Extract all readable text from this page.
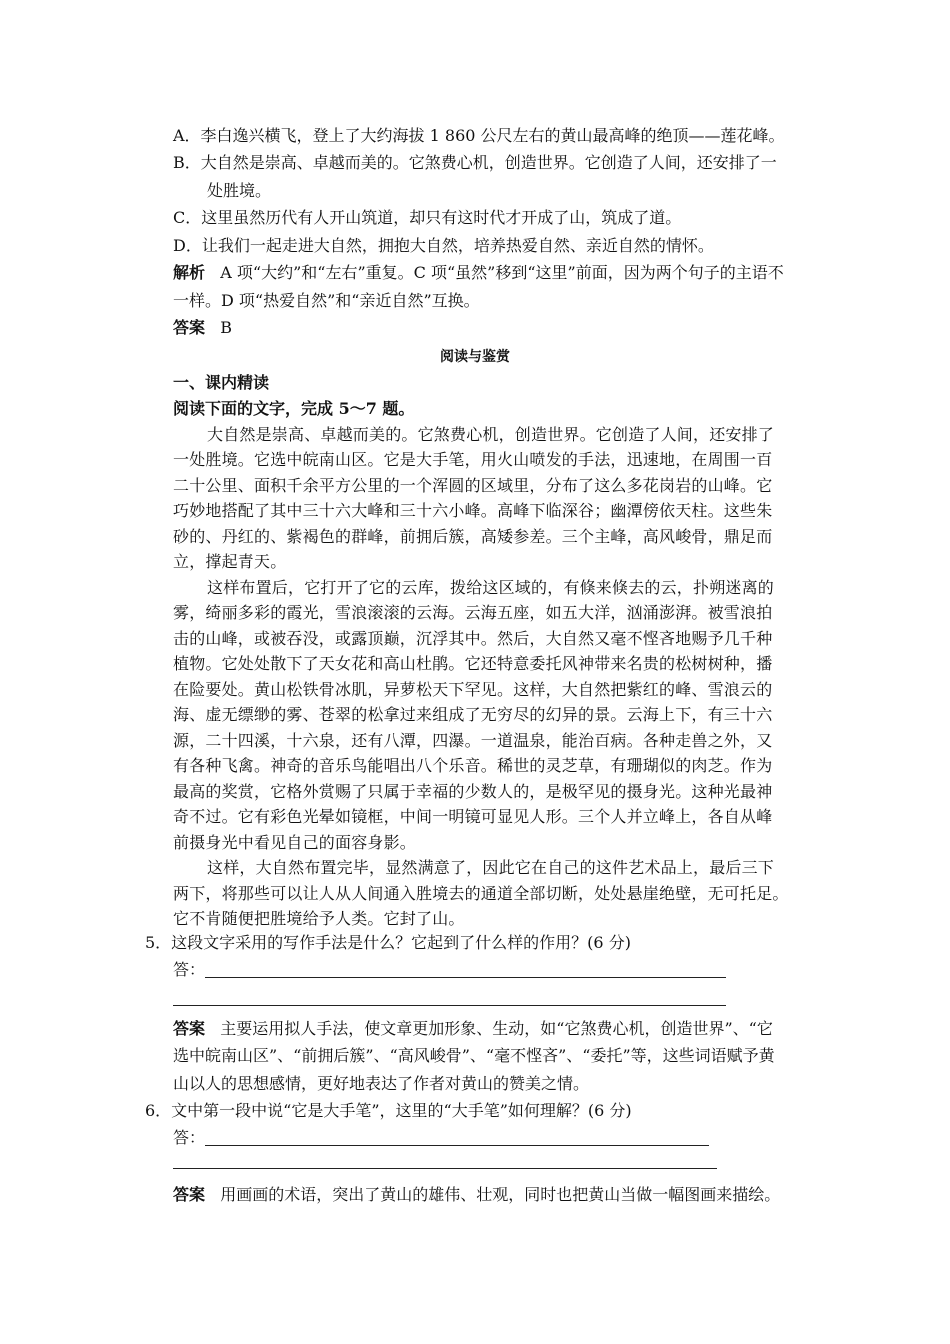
A．李白逸兴横飞，登上了大约海拔 1 860 公尺左右的黄山最高峰的绝顶——莲花峰。
B．大自然是崇高、卓越而美的。它煞费心机，创造世界。它创造了人间，还安排了一
处胜境。
C．这里虽然历代有人开山筑道，却只有这时代才开成了山，筑成了道。
D．让我们一起走进大自然，拥抱大自然，培养热爱自然、亲近自然的情怀。
解析 A 项“大约”和“左右”重复。C 项“虽然”移到“这里”前面，因为两个句子的主语不
一样。D 项“热爱自然”和“亲近自然”互换。
答案 B
阅读与鉴赏
一、课内精读
阅读下面的文字，完成 5～7 题。
大自然是崇高、卓越而美的。它煞费心机，创造世界。它创造了人间，还安排了
一处胜境。它选中皖南山区。它是大手笔，用火山喷发的手法，迅速地，在周围一百
二十公里、面积千余平方公里的一个浑圆的区域里，分布了这么多花岗岩的山峰。它
巧妙地搭配了其中三十六大峰和三十六小峰。高峰下临深谷；幽潭傍依天柱。这些朱
砂的、丹红的、紫褐色的群峰，前拥后簇，高矮参差。三个主峰，高风峻骨，鼎足而
立，撑起青天。
这样布置后，它打开了它的云库，拨给这区域的，有倏来倏去的云，扑朔迷离的
雾，绮丽多彩的霞光，雪浪滚滚的云海。云海五座，如五大洋，汹涌澎湃。被雪浪拍
击的山峰，或被吞没，或露顶巅，沉浮其中。然后，大自然又毫不悭吝地赐予几千种
植物。它处处散下了天女花和高山杜鹃。它还特意委托风神带来名贵的松树树种，播
在险要处。黄山松铁骨冰肌，异萝松天下罕见。这样，大自然把紫红的峰、雪浪云的
海、虚无缥缈的雾、苍翠的松拿过来组成了无穷尽的幻异的景。云海上下，有三十六
源，二十四溪，十六泉，还有八潭，四瀑。一道温泉，能治百病。各种走兽之外，又
有各种飞禽。神奇的音乐鸟能唱出八个乐音。稀世的灵芝草，有珊瑚似的肉芝。作为
最高的奖赏，它格外赏赐了只属于幸福的少数人的，是极罕见的摄身光。这种光最神
奇不过。它有彩色光晕如镜框，中间一明镜可显见人形。三个人并立峰上，各自从峰
前摄身光中看见自己的面容身影。
这样，大自然布置完毕，显然满意了，因此它在自己的这件艺术品上，最后三下
两下，将那些可以让人从人间通入胜境去的通道全部切断，处处悬崖绝壁，无可托足。
它不肯随便把胜境给予人类。它封了山。
5．这段文字采用的写作手法是什么？它起到了什么样的作用？(6 分)
答：
答案 主要运用拟人手法，使文章更加形象、生动，如“它煞费心机，创造世界”、“它
选中皖南山区”、“前拥后簇”、“高风峻骨”、“毫不悭吝”、“委托”等，这些词语赋予黄
山以人的思想感情，更好地表达了作者对黄山的赞美之情。
6．文中第一段中说“它是大手笔”，这里的“大手笔”如何理解？(6 分)
答：
答案 用画画的术语，突出了黄山的雄伟、壮观，同时也把黄山当做一幅图画来描绘。
